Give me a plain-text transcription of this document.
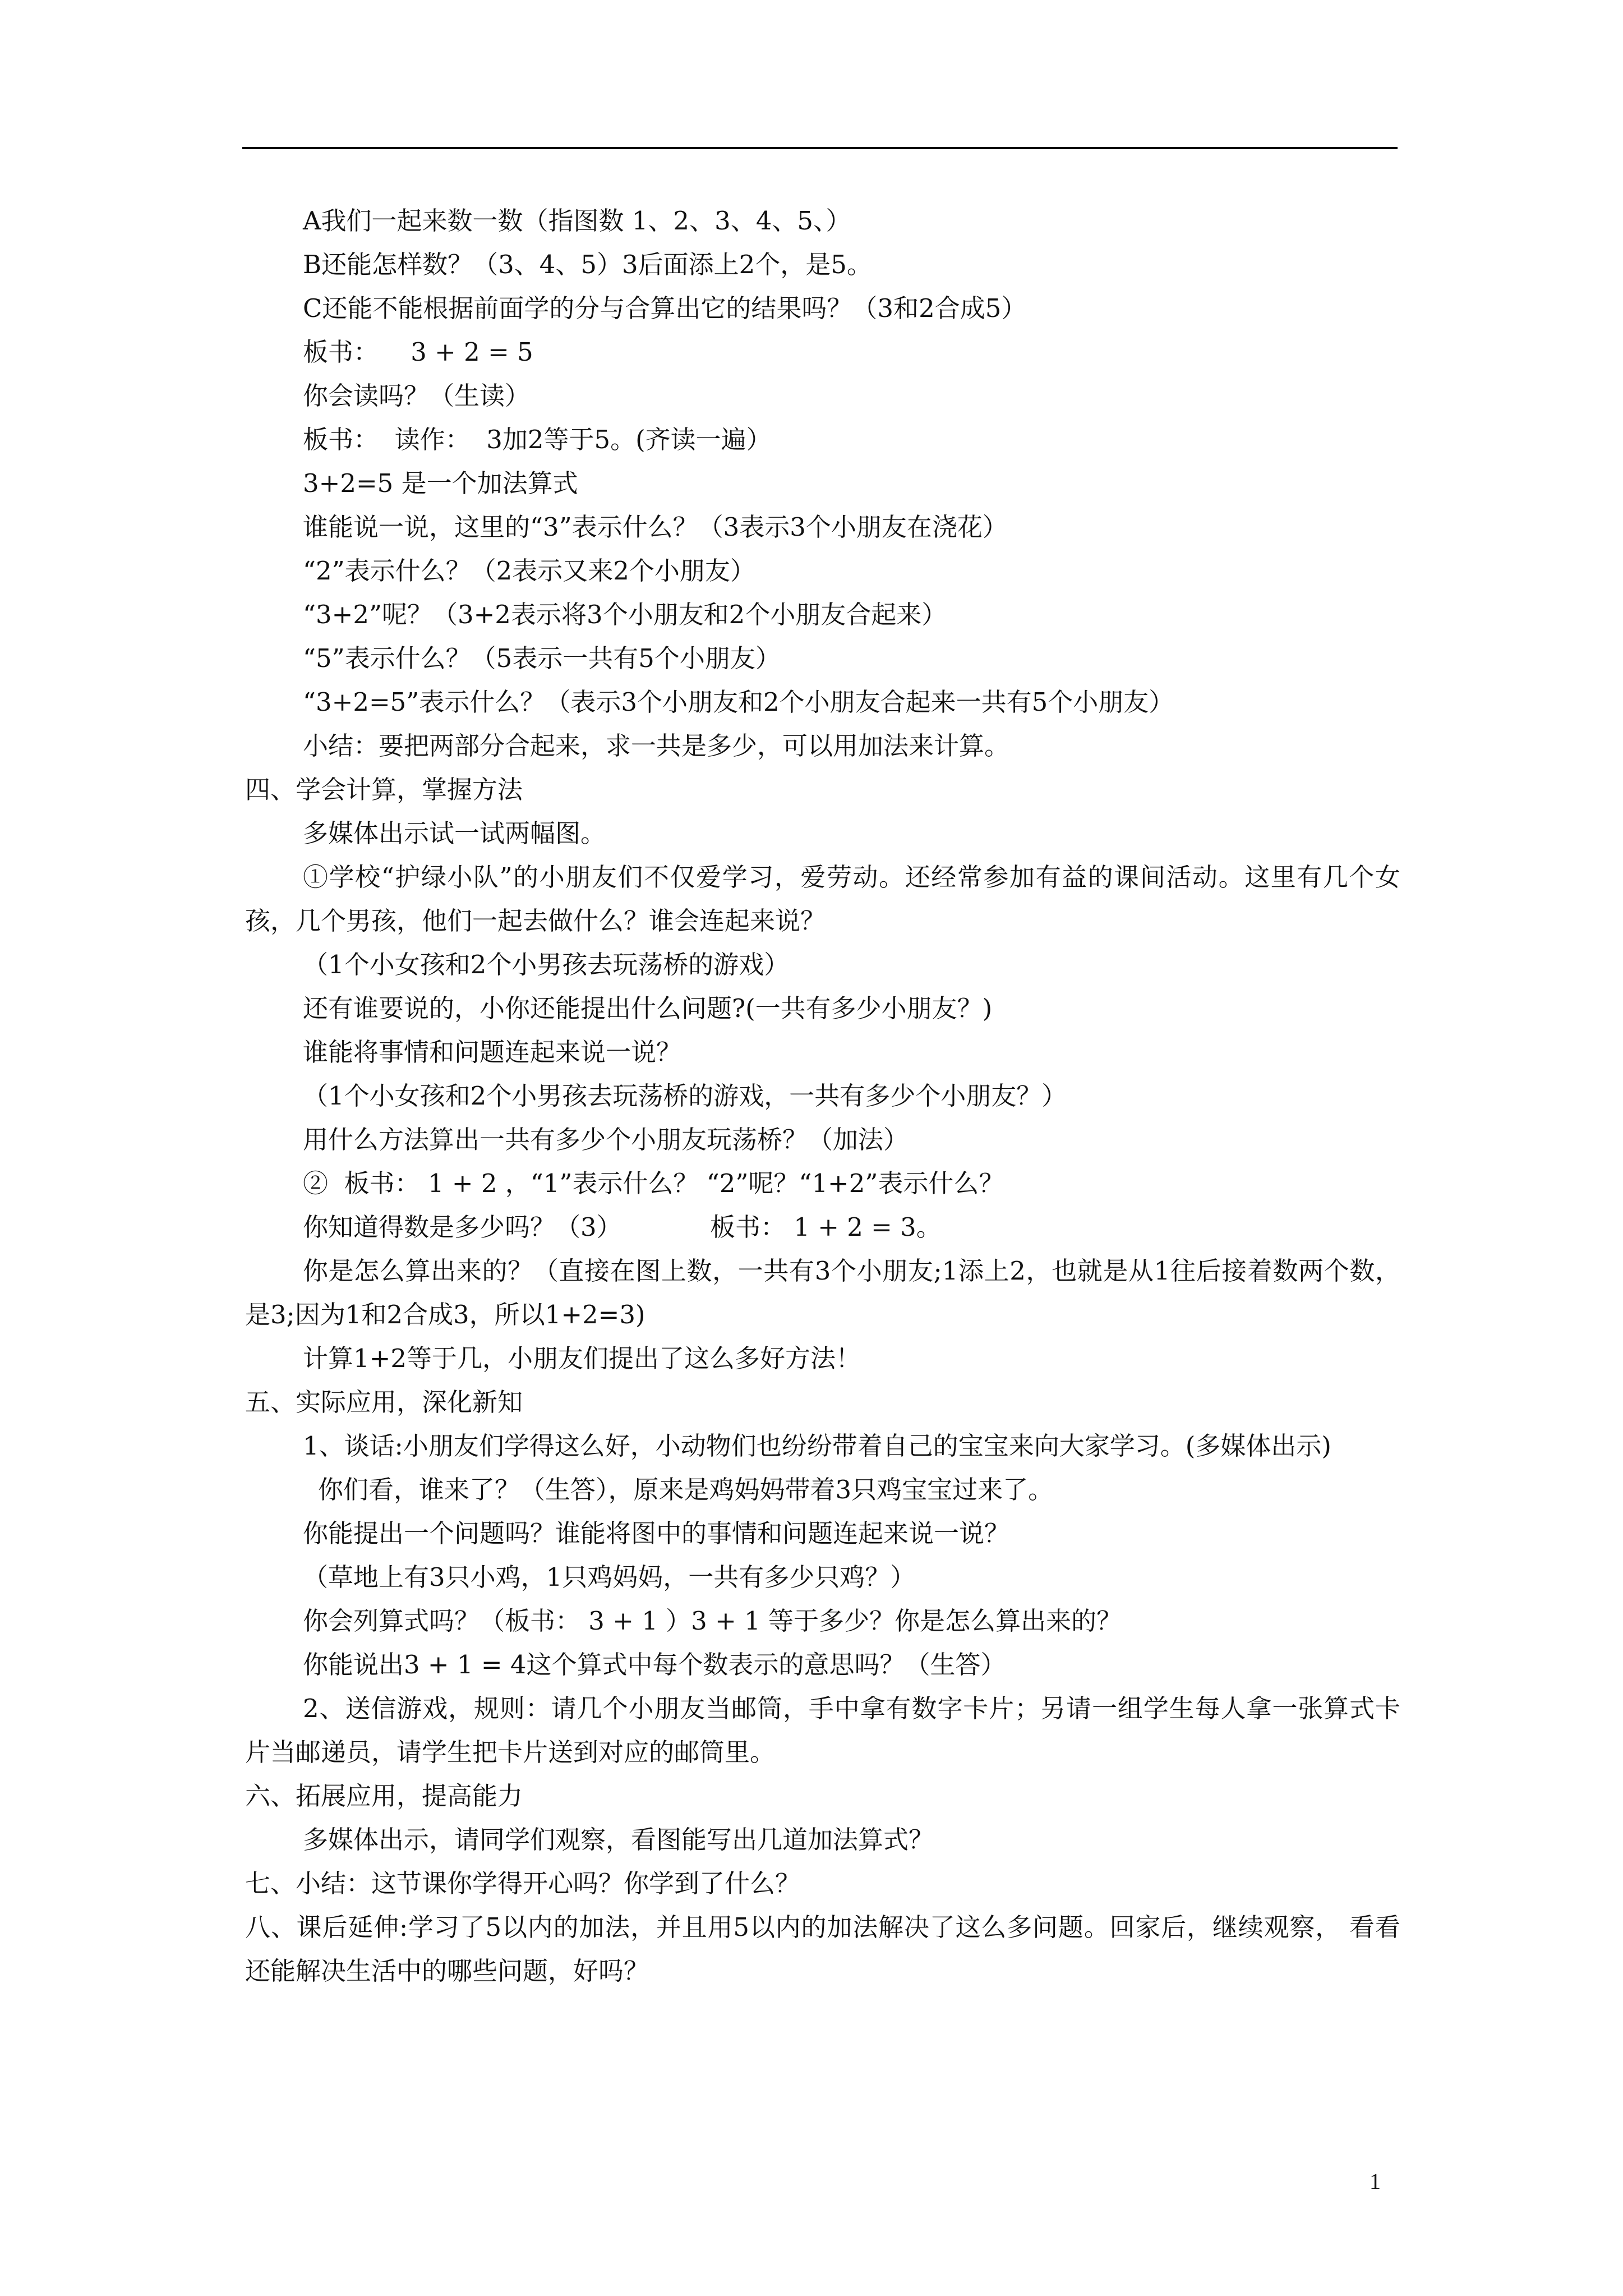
A我们一起来数一数（指图数 1、2、3、4、5、）

B还能怎样数？（3、4、5）3后面添上2个，是5。

C还能不能根据前面学的分与合算出它的结果吗？（3和2合成5）

板书：    3 + 2 = 5

你会读吗？（生读）

板书：  读作：  3加2等于5。(齐读一遍）

3+2=5 是一个加法算式

谁能说一说，这里的“3”表示什么？（3表示3个小朋友在浇花）

“2”表示什么？（2表示又来2个小朋友）

“3+2”呢？（3+2表示将3个小朋友和2个小朋友合起来）

“5”表示什么？（5表示一共有5个小朋友）

“3+2=5”表示什么？（表示3个小朋友和2个小朋友合起来一共有5个小朋友）

小结：要把两部分合起来，求一共是多少，可以用加法来计算。

四、学会计算，掌握方法

多媒体出示试一试两幅图。

①学校“护绿小队”的小朋友们不仅爱学习，爱劳动。还经常参加有益的课间活动。这里有几个女孩，几个男孩，他们一起去做什么？谁会连起来说？

（1个小女孩和2个小男孩去玩荡桥的游戏）

还有谁要说的，小你还能提出什么问题?(一共有多少小朋友？)

谁能将事情和问题连起来说一说？

（1个小女孩和2个小男孩去玩荡桥的游戏，一共有多少个小朋友？）

用什么方法算出一共有多少个小朋友玩荡桥？（加法）

②  板书： 1 + 2 ，“1”表示什么？ “2”呢？“1+2”表示什么？

你知道得数是多少吗？（3）           板书： 1 + 2 = 3。

你是怎么算出来的？（直接在图上数，一共有3个小朋友;1添上2，也就是从1往后接着数两个数，是3;因为1和2合成3，所以1+2=3)

计算1+2等于几，小朋友们提出了这么多好方法！

五、实际应用，深化新知

1、谈话:小朋友们学得这么好，小动物们也纷纷带着自己的宝宝来向大家学习。(多媒体出示)

你们看，谁来了？（生答），原来是鸡妈妈带着3只鸡宝宝过来了。

你能提出一个问题吗？谁能将图中的事情和问题连起来说一说？

（草地上有3只小鸡，1只鸡妈妈，一共有多少只鸡？）

你会列算式吗？（板书： 3 + 1 ）3 + 1 等于多少？你是怎么算出来的？

你能说出3 + 1 = 4这个算式中每个数表示的意思吗？（生答）

2、送信游戏，规则：请几个小朋友当邮筒，手中拿有数字卡片；另请一组学生每人拿一张算式卡片当邮递员，请学生把卡片送到对应的邮筒里。

六、拓展应用，提高能力

多媒体出示，请同学们观察，看图能写出几道加法算式？

七、小结：这节课你学得开心吗？你学到了什么？

八、课后延伸:学习了5以内的加法，并且用5以内的加法解决了这么多问题。回家后，继续观察， 看看还能解决生活中的哪些问题，好吗？

1
